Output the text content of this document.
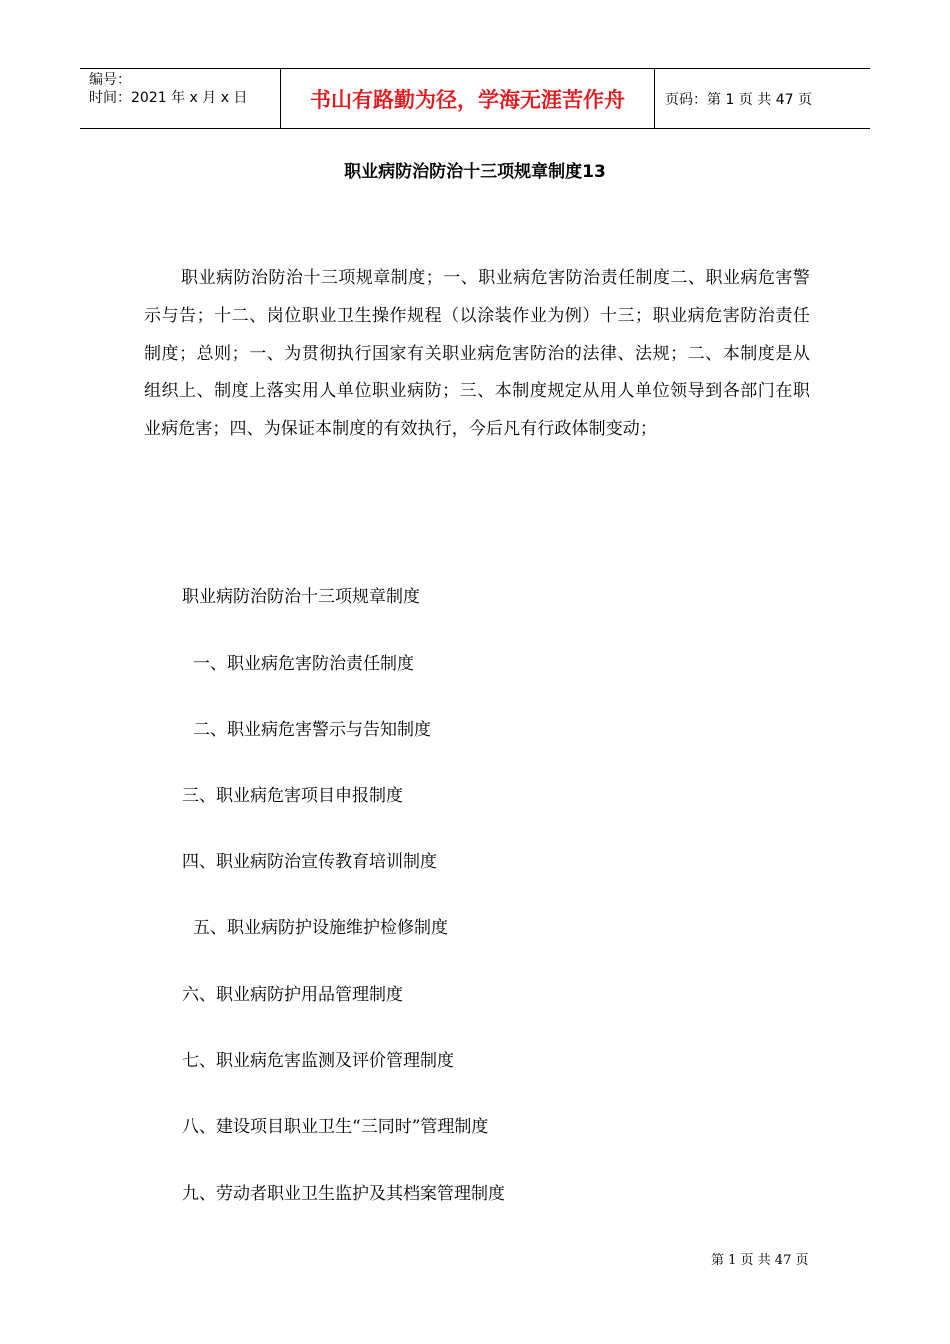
编号：
时间：2021 年 x 月 x 日	书山有路勤为径，学海无涯苦作舟	页码：第 1 页 共 47 页
职业病防治防治十三项规章制度13

职业病防治防治十三项规章制度；一、职业病危害防治责任制度二、职业病危害警示与告；十二、岗位职业卫生操作规程（以涂装作业为例）十三；职业病危害防治责任制度；总则；一、为贯彻执行国家有关职业病危害防治的法律、法规；二、本制度是从组织上、制度上落实用人单位职业病防；三、本制度规定从用人单位领导到各部门在职业病危害；四、为保证本制度的有效执行，今后凡有行政体制变动；

职业病防治防治十三项规章制度

一、职业病危害防治责任制度

二、职业病危害警示与告知制度

三、职业病危害项目申报制度

四、职业病防治宣传教育培训制度

五、职业病防护设施维护检修制度

六、职业病防护用品管理制度

七、职业病危害监测及评价管理制度

八、建设项目职业卫生“三同时”管理制度

九、劳动者职业卫生监护及其档案管理制度

第 1 页 共 47 页
